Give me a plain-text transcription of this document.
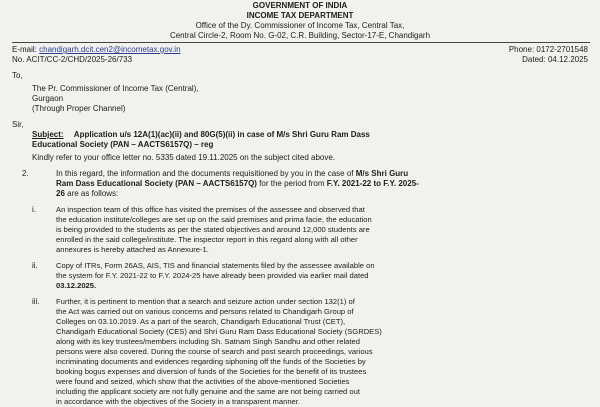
GOVERNMENT OF INDIA
INCOME TAX DEPARTMENT
Office of the Dy. Commissioner of Income Tax, Central Tax,
Central Circle-2, Room No. G-02, C.R. Building, Sector-17-E, Chandigarh
E-mail: chandigarh.dcit.cen2@incometax.gov.in	Phone: 0172-2701548
No. ACIT/CC-2/CHD/2025-26/733	Dated: 04.12.2025
To,
The Pr. Commissioner of Income Tax (Central),
Gurgaon
(Through Proper Channel)
Sir,
Subject: Application u/s 12A(1)(ac)(ii) and 80G(5)(ii) in case of M/s Shri Guru Ram Dass
Educational Society (PAN – AACTS6157Q) – reg
Kindly refer to your office letter no. 5335 dated 19.11.2025 on the subject cited above.
2.	In this regard, the information and the documents requisitioned by you in the case of M/s Shri Guru
Ram Dass Educational Society (PAN – AACTS6157Q) for the period from F.Y. 2021-22 to F.Y. 2025-
26 are as follows:
i.	An inspection team of this office has visited the premises of the assessee and observed that
the education institute/colleges are set up on the said premises and prima facie, the education
is being provided to the students as per the stated objectives and around 12,000 students are
enrolled in the said college/institute. The inspector report in this regard along with all other
annexures is hereby attached as Annexure-1.
ii. Copy of ITRs, Form 26AS, AIS, TIS and financial statements filed by the assessee available on
the system for F.Y. 2021-22 to F.Y. 2024-25 have already been provided via earlier mail dated
03.12.2025.
iii. Further, it is pertinent to mention that a search and seizure action under section 132(1) of
the Act was carried out on various concerns and persons related to Chandigarh Group of
Colleges on 03.10.2019. As a part of the search, Chandigarh Educational Trust (CET),
Chandigarh Educational Society (CES) and Shri Guru Ram Dass Educational Society (SGRDES)
along with its key trustees/members including Sh. Satnam Singh Sandhu and other related
persons were also covered. During the course of search and post search proceedings, various
incriminating documents and evidences regarding siphoning off the funds of the Societies by
booking bogus expenses and diversion of funds of the Societies for the benefit of its trustees
were found and seized, which show that the activities of the above-mentioned Societies
including the applicant society are not fully genuine and the same are not being carried out
in accordance with the objectives of the Society in a transparent manner.
